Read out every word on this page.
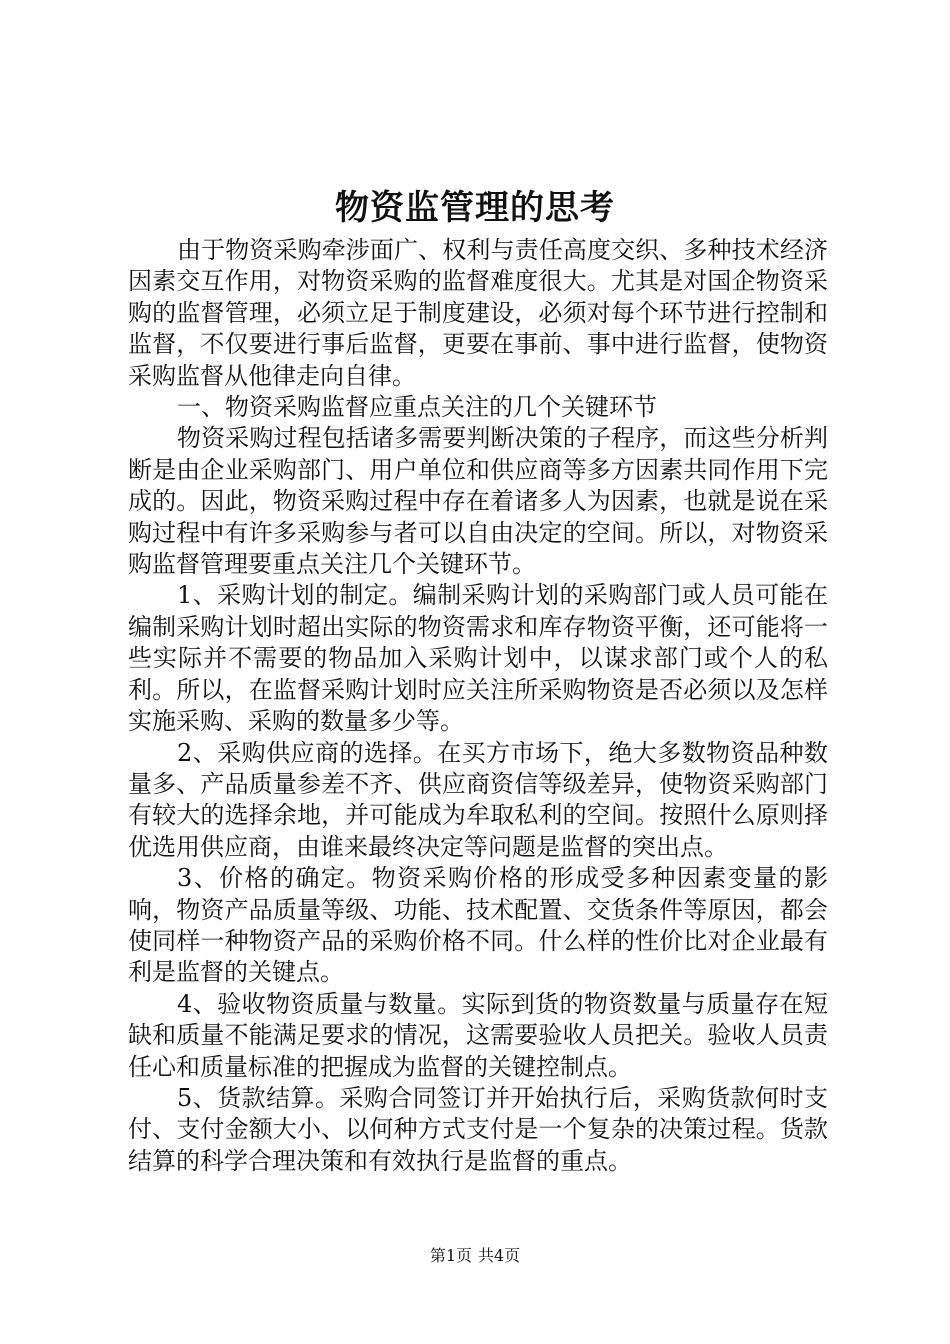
物资监管理的思考

由于物资采购牵涉面广、权利与责任高度交织、多种技术经济因素交互作用，对物资采购的监督难度很大。尤其是对国企物资采购的监督管理，必须立足于制度建设，必须对每个环节进行控制和监督，不仅要进行事后监督，更要在事前、事中进行监督，使物资采购监督从他律走向自律。

一、物资采购监督应重点关注的几个关键环节

物资采购过程包括诸多需要判断决策的子程序，而这些分析判断是由企业采购部门、用户单位和供应商等多方因素共同作用下完成的。因此，物资采购过程中存在着诸多人为因素，也就是说在采购过程中有许多采购参与者可以自由决定的空间。所以，对物资采购监督管理要重点关注几个关键环节。

1、采购计划的制定。编制采购计划的采购部门或人员可能在编制采购计划时超出实际的物资需求和库存物资平衡，还可能将一些实际并不需要的物品加入采购计划中，以谋求部门或个人的私利。所以，在监督采购计划时应关注所采购物资是否必须以及怎样实施采购、采购的数量多少等。

2、采购供应商的选择。在买方市场下，绝大多数物资品种数量多、产品质量参差不齐、供应商资信等级差异，使物资采购部门有较大的选择余地，并可能成为牟取私利的空间。按照什么原则择优选用供应商，由谁来最终决定等问题是监督的突出点。

3、价格的确定。物资采购价格的形成受多种因素变量的影响，物资产品质量等级、功能、技术配置、交货条件等原因，都会使同样一种物资产品的采购价格不同。什么样的性价比对企业最有利是监督的关键点。

4、验收物资质量与数量。实际到货的物资数量与质量存在短缺和质量不能满足要求的情况，这需要验收人员把关。验收人员责任心和质量标准的把握成为监督的关键控制点。

5、货款结算。采购合同签订并开始执行后，采购货款何时支付、支付金额大小、以何种方式支付是一个复杂的决策过程。货款结算的科学合理决策和有效执行是监督的重点。

第1页 共4页
